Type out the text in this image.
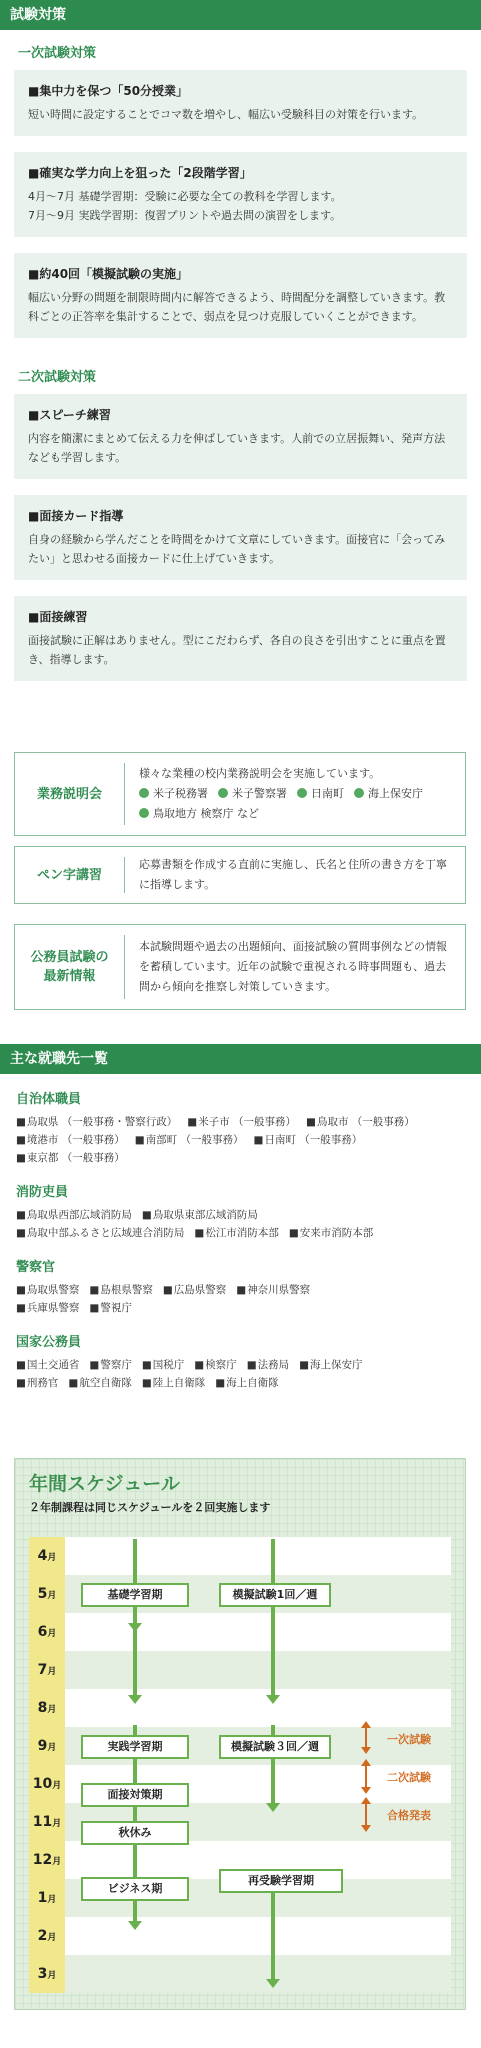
試験対策
一次試験対策
■集中力を保つ「50分授業」
短い時間に設定することでコマ数を増やし、幅広い受験科目の対策を行います。
■確実な学力向上を狙った「2段階学習」
4月〜7月 基礎学習期：受験に必要な全ての教科を学習します。
7月〜9月 実践学習期：復習プリントや過去問の演習をします。
■約40回「模擬試験の実施」
幅広い分野の問題を制限時間内に解答できるよう、時間配分を調整していきます。教科ごとの正答率を集計することで、弱点を見つけ克服していくことができます。
二次試験対策
■スピーチ練習
内容を簡潔にまとめて伝える力を伸ばしていきます。人前での立居振舞い、発声方法なども学習します。
■面接カード指導
自身の経験から学んだことを時間をかけて文章にしていきます。面接官に「会ってみたい」と思わせる面接カードに仕上げていきます。
■面接練習
面接試験に正解はありません。型にこだわらず、各自の良さを引出すことに重点を置き、指導します。
業務説明会
様々な業種の校内業務説明会を実施しています。
米子税務署	米子警察署	日南町	海上保安庁
鳥取地方 検察庁 など
ペン字講習
応募書類を作成する直前に実施し、氏名と住所の書き方を丁寧に指導します。
公務員試験の
最新情報
本試験問題や過去の出題傾向、面接試験の質問事例などの情報を蓄積しています。近年の試験で重視される時事問題も、過去問から傾向を推察し対策していきます。
主な就職先一覧
自治体職員
■ 鳥取県 （一般事務・警察行政） ■ 米子市 （一般事務） ■ 鳥取市 （一般事務）
■ 境港市 （一般事務） ■ 南部町 （一般事務） ■ 日南町 （一般事務）
■ 東京都 （一般事務）
消防吏員
■ 鳥取県西部広域消防局 ■ 鳥取県東部広域消防局
■ 鳥取中部ふるさと広域連合消防局 ■ 松江市消防本部 ■ 安来市消防本部
警察官
■ 鳥取県警察 ■ 島根県警察 ■ 広島県警察 ■ 神奈川県警察
■ 兵庫県警察 ■ 警視庁
国家公務員
■ 国土交通省 ■ 警察庁 ■ 国税庁 ■ 検察庁 ■ 法務局 ■ 海上保安庁
■ 刑務官 ■ 航空自衛隊 ■ 陸上自衛隊 ■ 海上自衛隊
年間スケジュール
２年制課程は同じスケジュールを２回実施します
4月
5月
6月
7月
8月
9月
10月
11月
12月
1月
2月
3月
基礎学習期
実践学習期
面接対策期
秋休み
ビジネス期
模擬試験1回／週
模擬試験３回／週
再受験学習期
一次試験
二次試験
合格発表
